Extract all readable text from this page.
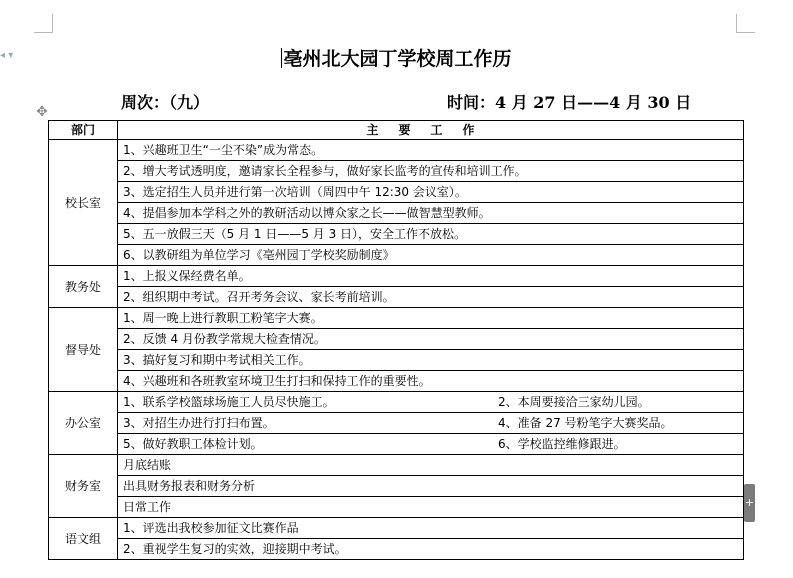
◂ ▾	亳州北大园丁学校周工作历
周次：（九）	时间：4 月 27 日——4 月 30 日
✥
部门	主要工作
校长室	1、兴趣班卫生“一尘不染”成为常态。
	2、增大考试透明度，邀请家长全程参与，做好家长监考的宣传和培训工作。
	3、选定招生人员并进行第一次培训（周四中午 12:30 会议室）。
	4、提倡参加本学科之外的教研活动以博众家之长——做智慧型教师。
	5、五一放假三天（5 月 1 日——5 月 3 日），安全工作不放松。
	6、以教研组为单位学习《亳州园丁学校奖励制度》
教务处	1、上报义保经费名单。
	2、组织期中考试。召开考务会议、家长考前培训。
督导处	1、周一晚上进行教职工粉笔字大赛。
	2、反馈 4 月份教学常规大检查情况。
	3、搞好复习和期中考试相关工作。
	4、兴趣班和各班教室环境卫生打扫和保持工作的重要性。
办公室	1、联系学校篮球场施工人员尽快施工。 2、本周要接洽三家幼儿园。
	3、对招生办进行打扫布置。 4、准备 27 号粉笔字大赛奖品。
	5、做好教职工体检计划。 6、学校监控维修跟进。
财务室	月底结账
	出具财务报表和财务分析
	日常工作
语文组	1、评选出我校参加征文比赛作品
	2、重视学生复习的实效，迎接期中考试。
+
